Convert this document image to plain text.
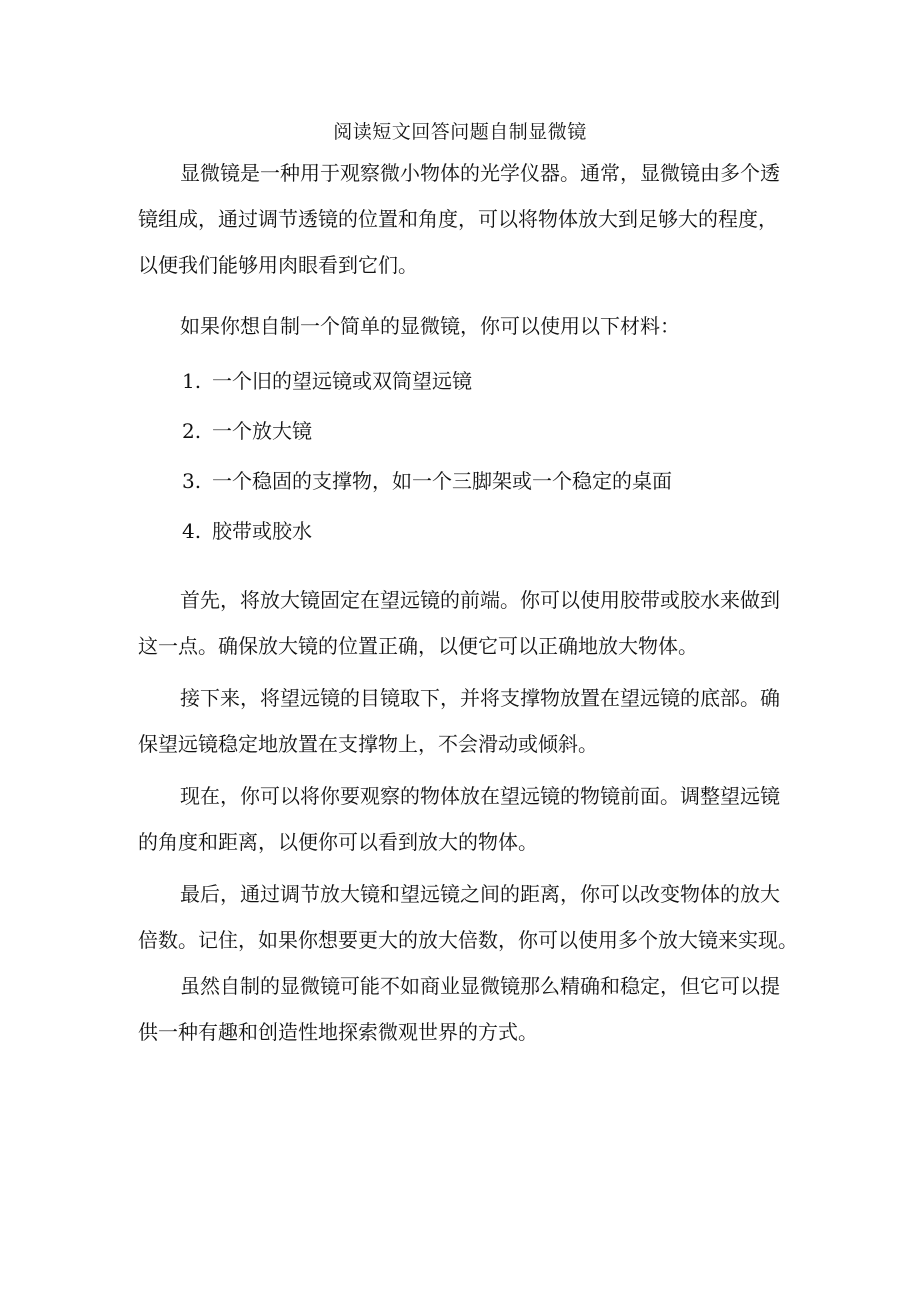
阅读短文回答问题自制显微镜
显微镜是一种用于观察微小物体的光学仪器。通常，显微镜由多个透
镜组成，通过调节透镜的位置和角度，可以将物体放大到足够大的程度，
以便我们能够用肉眼看到它们。
如果你想自制一个简单的显微镜，你可以使用以下材料：
1. 一个旧的望远镜或双筒望远镜
2. 一个放大镜
3. 一个稳固的支撑物，如一个三脚架或一个稳定的桌面
4. 胶带或胶水
首先，将放大镜固定在望远镜的前端。你可以使用胶带或胶水来做到
这一点。确保放大镜的位置正确，以便它可以正确地放大物体。
接下来，将望远镜的目镜取下，并将支撑物放置在望远镜的底部。确
保望远镜稳定地放置在支撑物上，不会滑动或倾斜。
现在，你可以将你要观察的物体放在望远镜的物镜前面。调整望远镜
的角度和距离，以便你可以看到放大的物体。
最后，通过调节放大镜和望远镜之间的距离，你可以改变物体的放大
倍数。记住，如果你想要更大的放大倍数，你可以使用多个放大镜来实现。
虽然自制的显微镜可能不如商业显微镜那么精确和稳定，但它可以提
供一种有趣和创造性地探索微观世界的方式。
